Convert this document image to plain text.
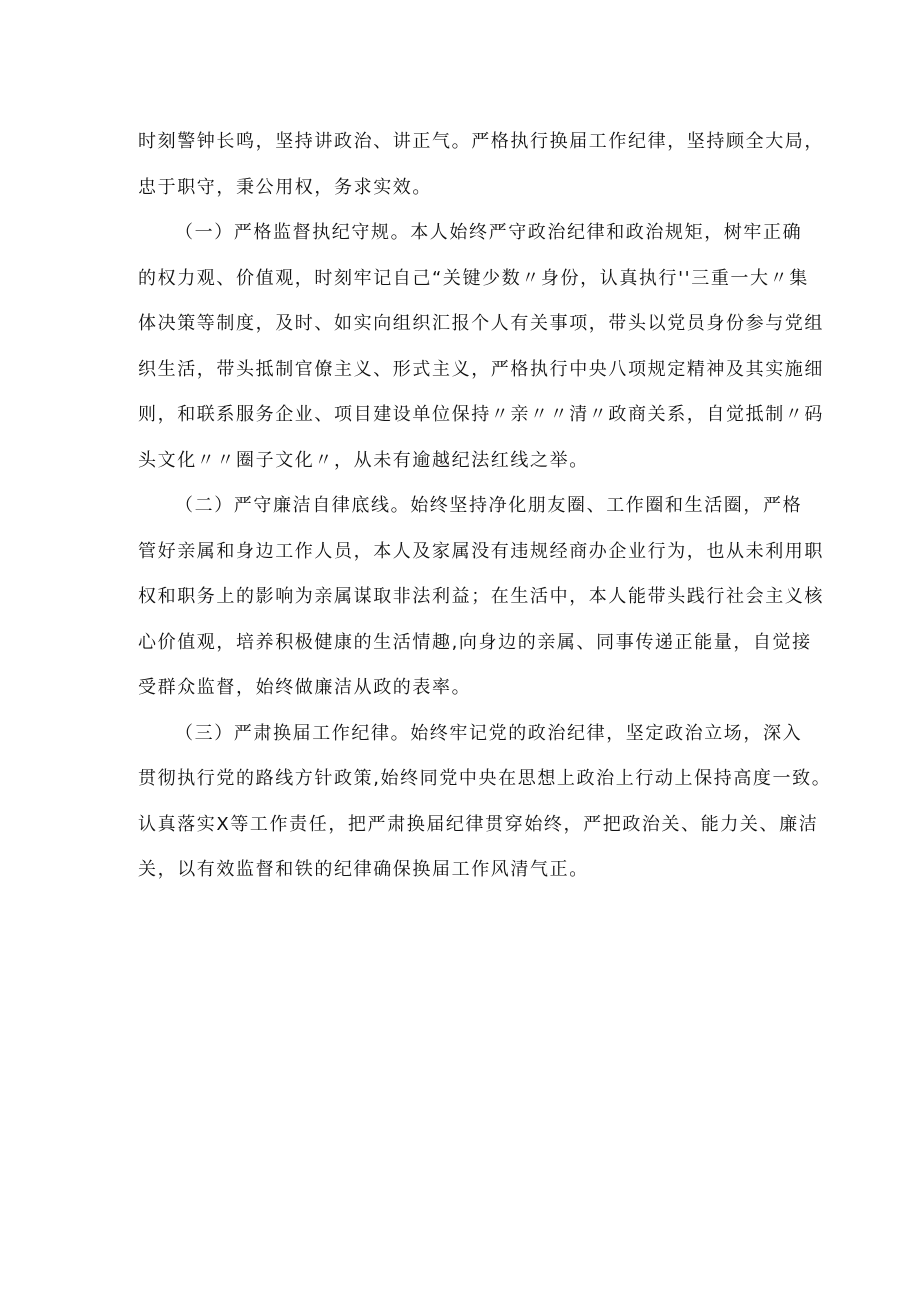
时刻警钟长鸣，坚持讲政治、讲正气。严格执行换届工作纪律，坚持顾全大局，
忠于职守，秉公用权，务求实效。
（一）严格监督执纪守规。本人始终严守政治纪律和政治规矩，树牢正确
的权力观、价值观，时刻牢记自己“关键少数〃身份，认真执行''三重一大〃集
体决策等制度，及时、如实向组织汇报个人有关事项，带头以党员身份参与党组
织生活，带头抵制官僚主义、形式主义，严格执行中央八项规定精神及其实施细
则，和联系服务企业、项目建设单位保持〃亲〃〃清〃政商关系，自觉抵制〃码
头文化〃〃圈子文化〃，从未有逾越纪法红线之举。
（二）严守廉洁自律底线。始终坚持净化朋友圈、工作圈和生活圈，严格
管好亲属和身边工作人员，本人及家属没有违规经商办企业行为，也从未利用职
权和职务上的影响为亲属谋取非法利益；在生活中，本人能带头践行社会主义核
心价值观，培养积极健康的生活情趣,向身边的亲属、同事传递正能量，自觉接
受群众监督，始终做廉洁从政的表率。
（三）严肃换届工作纪律。始终牢记党的政治纪律，坚定政治立场，深入
贯彻执行党的路线方针政策,始终同党中央在思想上政治上行动上保持高度一致。
认真落实X等工作责任，把严肃换届纪律贯穿始终，严把政治关、能力关、廉洁
关，以有效监督和铁的纪律确保换届工作风清气正。
